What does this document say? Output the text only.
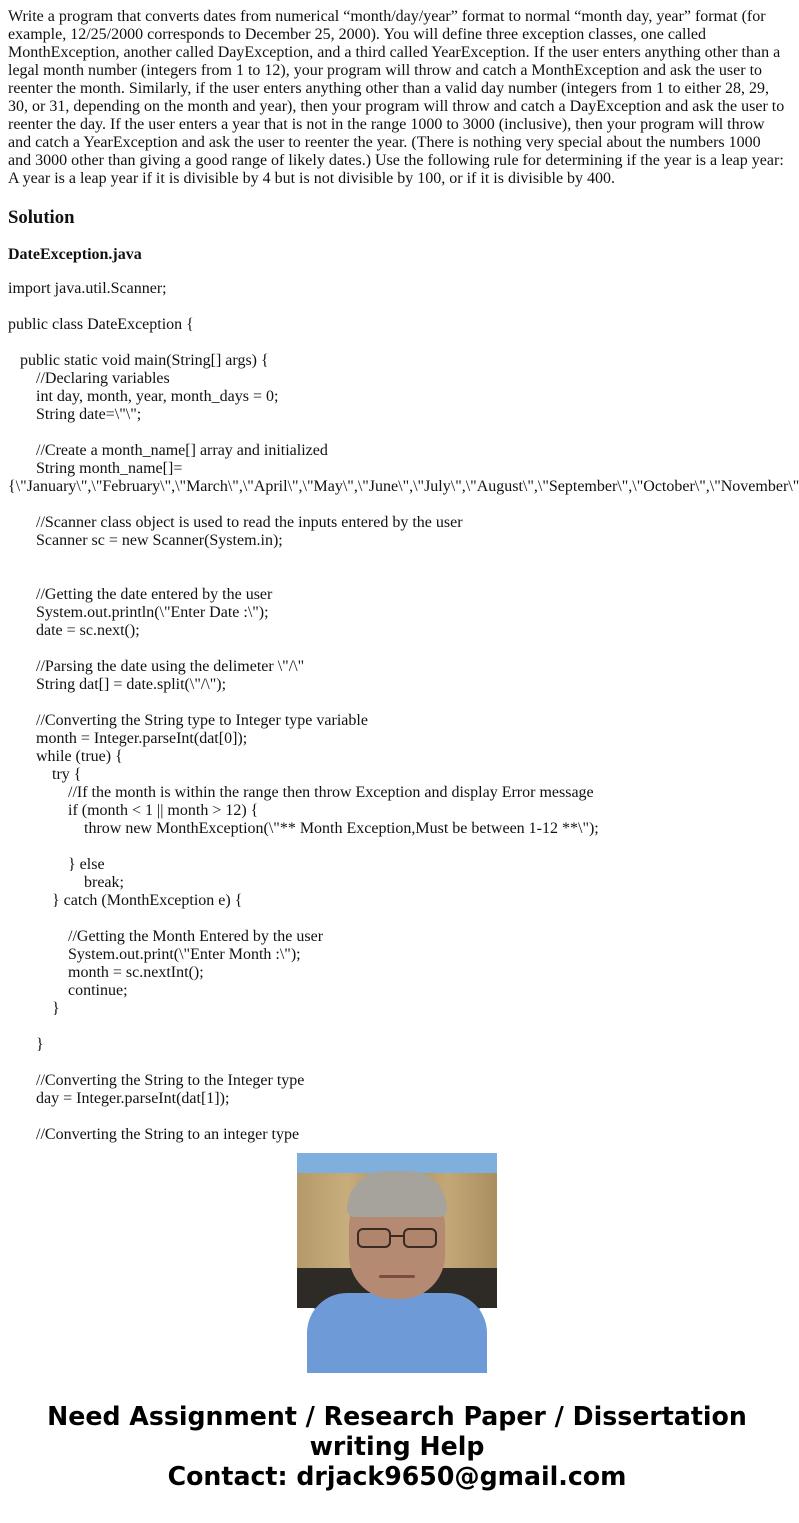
Write a program that converts dates from numerical “month/day/year” format to normal “month day, year” format (for
example, 12/25/2000 corresponds to December 25, 2000). You will define three exception classes, one called
MonthException, another called DayException, and a third called YearException. If the user enters anything other than a
legal month number (integers from 1 to 12), your program will throw and catch a MonthException and ask the user to
reenter the month. Similarly, if the user enters anything other than a valid day number (integers from 1 to either 28, 29,
30, or 31, depending on the month and year), then your program will throw and catch a DayException and ask the user to
reenter the day. If the user enters a year that is not in the range 1000 to 3000 (inclusive), then your program will throw
and catch a YearException and ask the user to reenter the year. (There is nothing very special about the numbers 1000
and 3000 other than giving a good range of likely dates.) Use the following rule for determining if the year is a leap year:
A year is a leap year if it is divisible by 4 but is not divisible by 100, or if it is divisible by 400.

Solution
DateException.java
import java.util.Scanner;
public class DateException {
public static void main(String[] args) {
//Declaring variables
int day, month, year, month_days = 0;
String date=\"\";
//Create a month_name[] array and initialized
String month_name[]=
{\"January\",\"February\",\"March\",\"April\",\"May\",\"June\",\"July\",\"August\",\"September\",\"October\",\"November\"
//Scanner class object is used to read the inputs entered by the user
Scanner sc = new Scanner(System.in);
//Getting the date entered by the user
System.out.println(\"Enter Date :\");
date = sc.next();
//Parsing the date using the delimeter \"/\"
String dat[] = date.split(\"/\");
//Converting the String type to Integer type variable
month = Integer.parseInt(dat[0]);
while (true) {
try {
//If the month is within the range then throw Exception and display Error message
if (month < 1 || month > 12) {
throw new MonthException(\"** Month Exception,Must be between 1-12 **\");
} else
break;
} catch (MonthException e) {
//Getting the Month Entered by the user
System.out.print(\"Enter Month :\");
month = sc.nextInt();
continue;
}
}
//Converting the String to the Integer type
day = Integer.parseInt(dat[1]);
//Converting the String to an integer type
Need Assignment / Research Paper / Dissertation
writing Help
Contact: drjack9650@gmail.com
